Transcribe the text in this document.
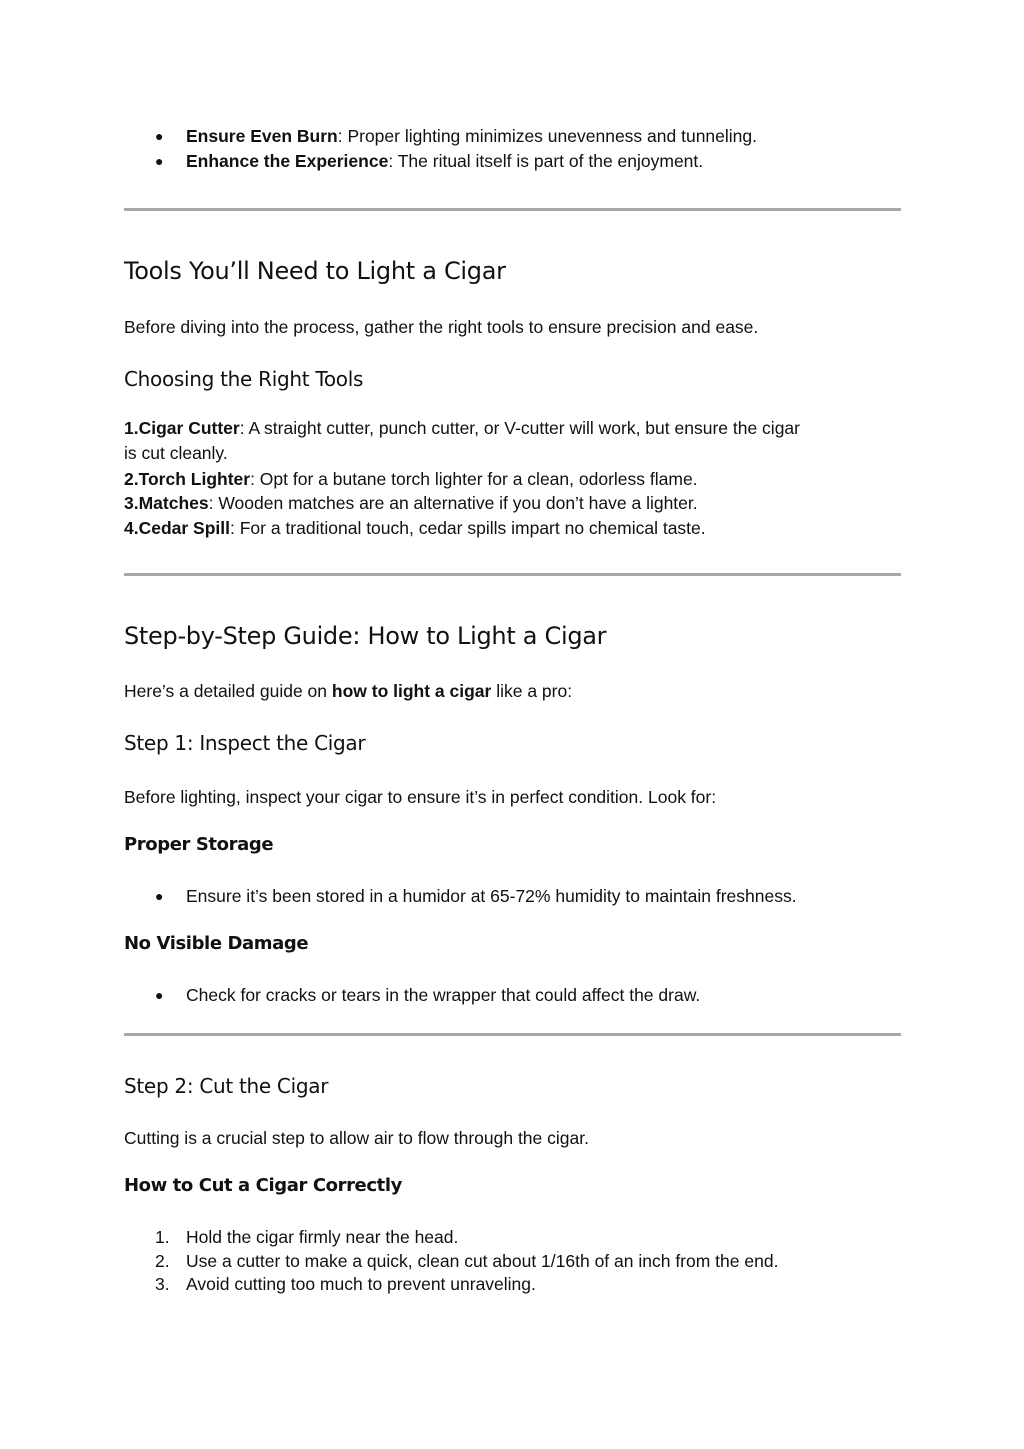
● Ensure Even Burn: Proper lighting minimizes unevenness and tunneling.
● Enhance the Experience: The ritual itself is part of the enjoyment.
Tools You’ll Need to Light a Cigar
Before diving into the process, gather the right tools to ensure precision and ease.
Choosing the Right Tools
1.Cigar Cutter: A straight cutter, punch cutter, or V-cutter will work, but ensure the cigar
is cut cleanly.
2.Torch Lighter: Opt for a butane torch lighter for a clean, odorless flame.
3.Matches: Wooden matches are an alternative if you don’t have a lighter.
4.Cedar Spill: For a traditional touch, cedar spills impart no chemical taste.
Step-by-Step Guide: How to Light a Cigar
Here’s a detailed guide on how to light a cigar like a pro:
Step 1: Inspect the Cigar
Before lighting, inspect your cigar to ensure it’s in perfect condition. Look for:
Proper Storage
● Ensure it’s been stored in a humidor at 65-72% humidity to maintain freshness.
No Visible Damage
● Check for cracks or tears in the wrapper that could affect the draw.
Step 2: Cut the Cigar
Cutting is a crucial step to allow air to flow through the cigar.
How to Cut a Cigar Correctly
1. Hold the cigar firmly near the head.
2. Use a cutter to make a quick, clean cut about 1/16th of an inch from the end.
3. Avoid cutting too much to prevent unraveling.
